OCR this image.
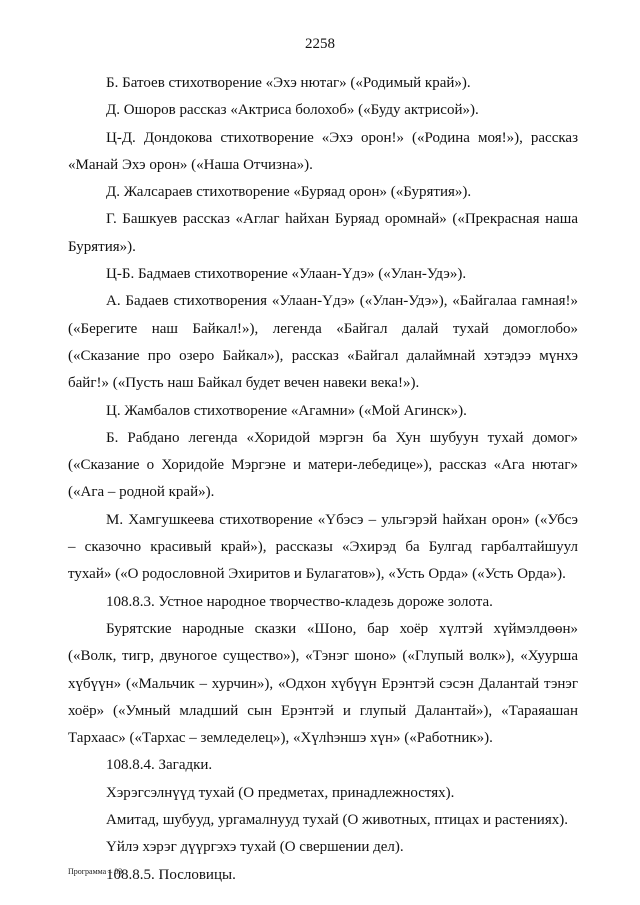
2258

Б. Батоев стихотворение «Эхэ нютаг» («Родимый край»).

Д. Ошоров рассказ «Актриса болохоб» («Буду актрисой»).

Ц-Д. Дондокова стихотворение «Эхэ орон!» («Родина моя!»), рассказ «Манай Эхэ орон» («Наша Отчизна»).

Д. Жалсараев стихотворение «Буряад орон» («Бурятия»).

Г. Башкуев рассказ «Аглаг һайхан Буряад оромнай» («Прекрасная наша Бурятия»).

Ц-Б. Бадмаев стихотворение «Улаан-Үдэ» («Улан-Удэ»).

А. Бадаев стихотворения «Улаан-Үдэ» («Улан-Удэ»), «Байгалаа гамная!» («Берегите наш Байкал!»), легенда «Байгал далай тухай домоглобо» («Сказание про озеро Байкал»), рассказ «Байгал далаймнай хэтэдээ мүнхэ байг!» («Пусть наш Байкал будет вечен навеки века!»).

Ц. Жамбалов стихотворение «Агамни» («Мой Агинск»).

Б. Рабдано легенда «Хоридой мэргэн ба Хун шубуун тухай домог» («Сказание о Хоридойе Мэргэне и матери-лебедице»), рассказ «Ага нютаг» («Ага – родной край»).

М. Хамгушкеева стихотворение «Үбэсэ – ульгэрэй һайхан орон» («Убсэ – сказочно красивый край»), рассказы «Эхирэд ба Булгад гарбалтайшуул тухай» («О родословной Эхиритов и Булагатов»), «Усть Орда» («Усть Орда»).

108.8.3. Устное народное творчество-кладезь дороже золота.

Бурятские народные сказки «Шоно, бар хоёр хүлтэй хүймэлдөөн» («Волк, тигр, двуногое существо»), «Тэнэг шоно» («Глупый волк»), «Хуурша хүбүүн» («Мальчик – хурчин»), «Одхон хүбүүн Ерэнтэй сэсэн Далантай тэнэг хоёр» («Умный младший сын Ерэнтэй и глупый Далантай»), «Тараяашан Тархаас» («Тархас – земледелец»), «Хүлһэншэ хүн» («Работник»).

108.8.4. Загадки.

Хэрэгсэлнүүд тухай (О предметах, принадлежностях).

Амитад, шубууд, ургамалнууд тухай (О животных, птицах и растениях).

Үйлэ хэрэг дүүргэхэ тухай (О свершении дел).

108.8.5. Пословицы.

Программа – 03
